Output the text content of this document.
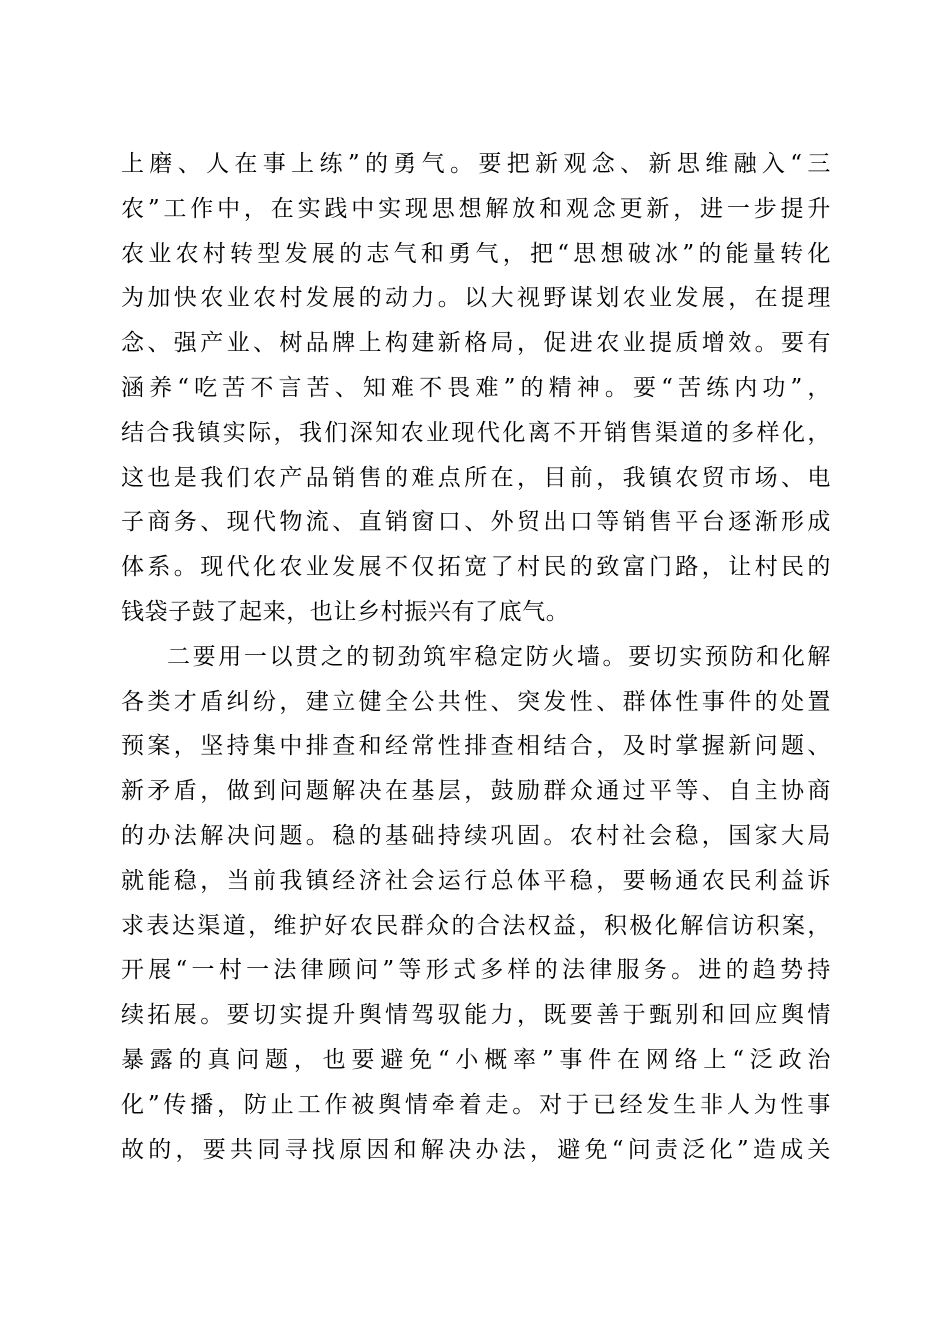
上磨、人在事上练”的勇气。要把新观念、新思维融入“三
农”工作中，在实践中实现思想解放和观念更新，进一步提升
农业农村转型发展的志气和勇气，把“思想破冰”的能量转化
为加快农业农村发展的动力。以大视野谋划农业发展，在提理
念、强产业、树品牌上构建新格局，促进农业提质增效。要有
涵养“吃苦不言苦、知难不畏难”的精神。要“苦练内功”，
结合我镇实际，我们深知农业现代化离不开销售渠道的多样化，
这也是我们农产品销售的难点所在，目前，我镇农贸市场、电
子商务、现代物流、直销窗口、外贸出口等销售平台逐渐形成
体系。现代化农业发展不仅拓宽了村民的致富门路，让村民的
钱袋子鼓了起来，也让乡村振兴有了底气。
二要用一以贯之的韧劲筑牢稳定防火墙。要切实预防和化解
各类才盾纠纷，建立健全公共性、突发性、群体性事件的处置
预案，坚持集中排查和经常性排查相结合，及时掌握新问题、
新矛盾，做到问题解决在基层，鼓励群众通过平等、自主协商
的办法解决问题。稳的基础持续巩固。农村社会稳，国家大局
就能稳，当前我镇经济社会运行总体平稳，要畅通农民利益诉
求表达渠道，维护好农民群众的合法权益，积极化解信访积案，
开展“一村一法律顾问”等形式多样的法律服务。进的趋势持
续拓展。要切实提升舆情驾驭能力，既要善于甄别和回应舆情
暴露的真问题，也要避免“小概率”事件在网络上“泛政治
化”传播，防止工作被舆情牵着走。对于已经发生非人为性事
故的，要共同寻找原因和解决办法，避免“问责泛化”造成关
